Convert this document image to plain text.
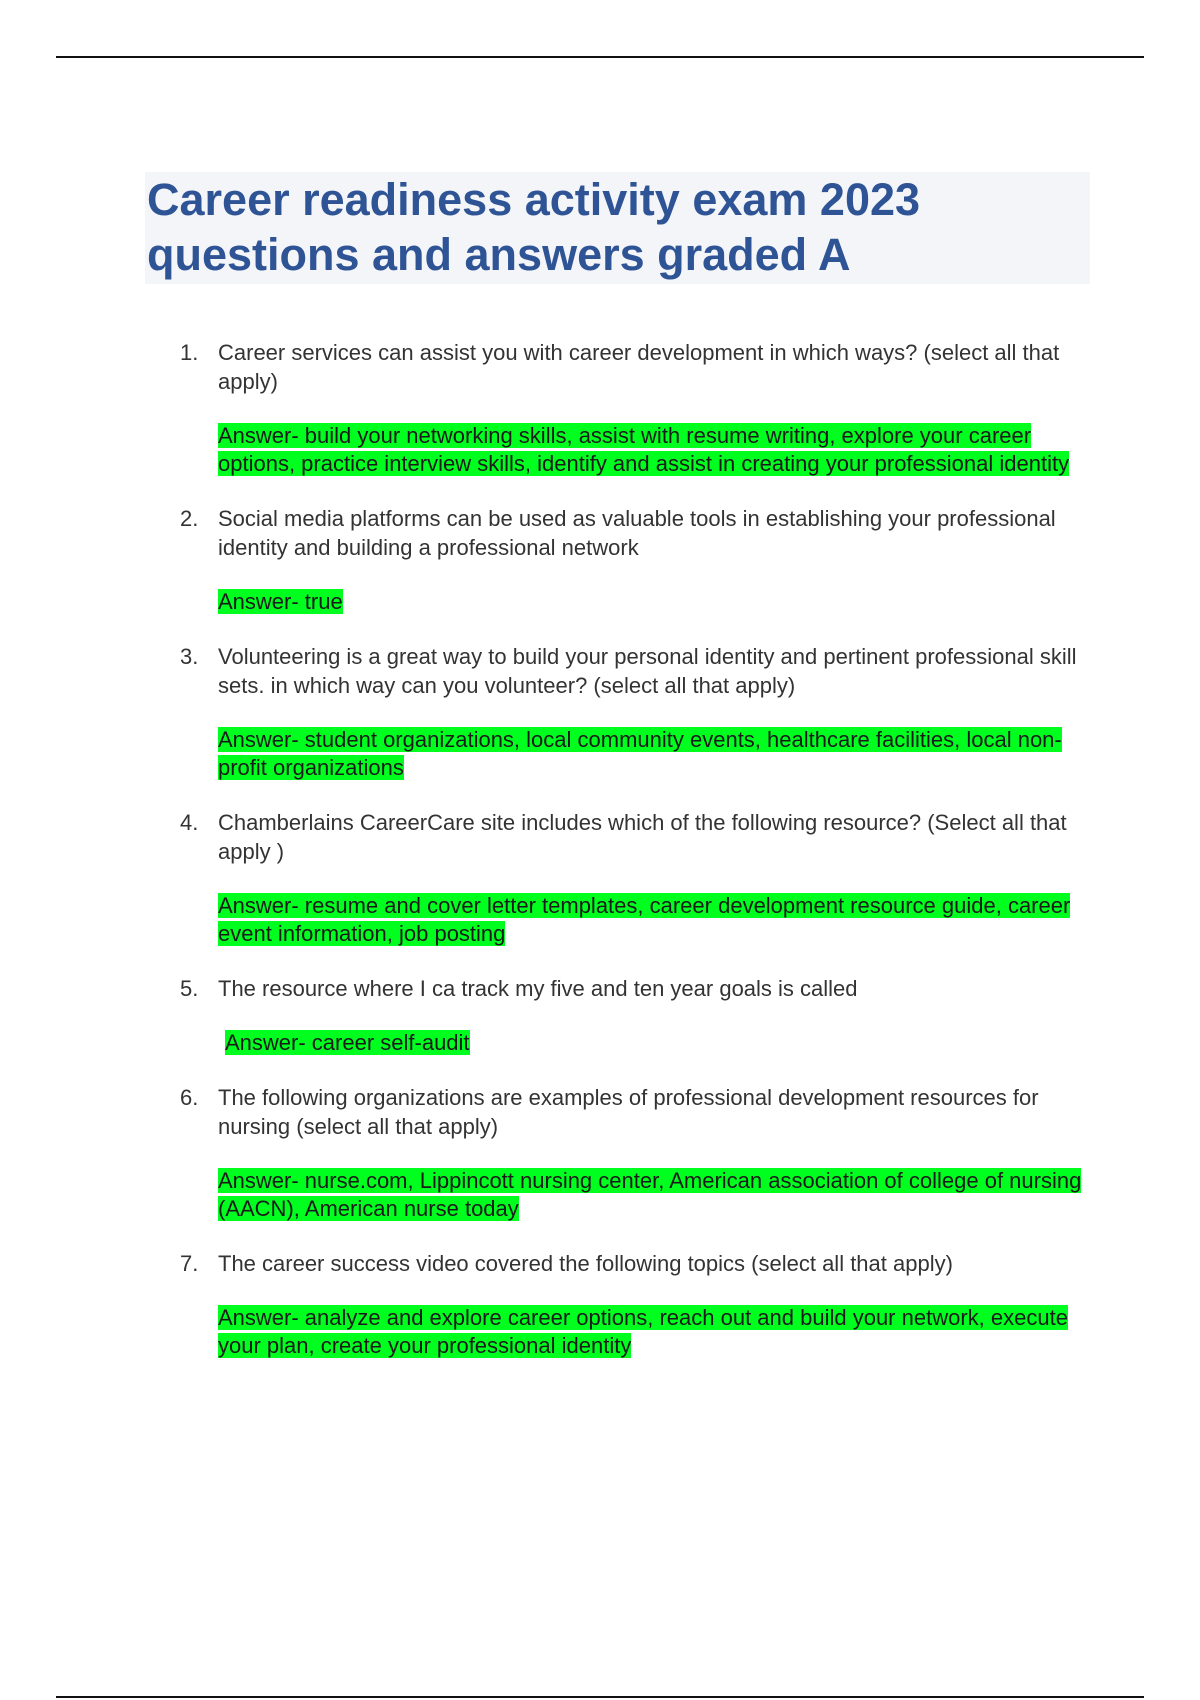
Career readiness activity exam 2023 questions and answers graded A
1. Career services can assist you with career development in which ways? (select all that apply)

Answer- build your networking skills, assist with resume writing, explore your career options, practice interview skills, identify and assist in creating your professional identity

2. Social media platforms can be used as valuable tools in establishing your professional identity and building a professional network

Answer- true

3. Volunteering is a great way to build your personal identity and pertinent professional skill sets. in which way can you volunteer? (select all that apply)

Answer- student organizations, local community events, healthcare facilities, local non-profit organizations

4. Chamberlains CareerCare site includes which of the following resource? (Select all that apply )

Answer- resume and cover letter templates, career development resource guide, career event information, job posting

5. The resource where I ca track my five and ten year goals is called

Answer- career self-audit

6. The following organizations are examples of professional development resources for nursing (select all that apply)

Answer- nurse.com, Lippincott nursing center, American association of college of nursing (AACN), American nurse today

7. The career success video covered the following topics (select all that apply)

Answer- analyze and explore career options, reach out and build your network, execute your plan, create your professional identity
